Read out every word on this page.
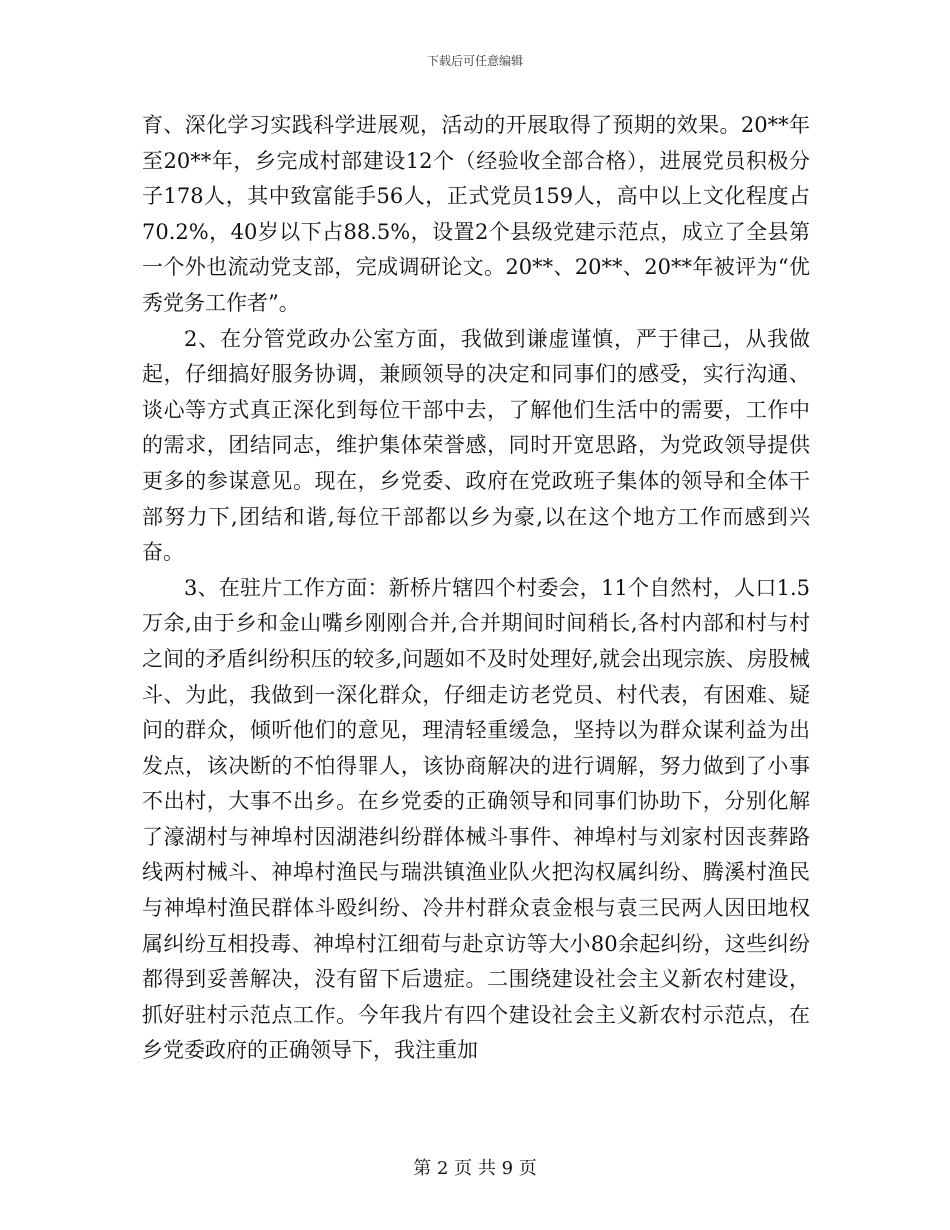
下载后可任意编辑

育、深化学习实践科学进展观，活动的开展取得了预期的效果。20**年至20**年，乡完成村部建设12个（经验收全部合格），进展党员积极分子178人，其中致富能手56人，正式党员159人，高中以上文化程度占70.2%，40岁以下占88.5%，设置2个县级党建示范点，成立了全县第一个外也流动党支部，完成调研论文。20**、20**、20**年被评为“优秀党务工作者”。

2、在分管党政办公室方面，我做到谦虚谨慎，严于律己，从我做起，仔细搞好服务协调，兼顾领导的决定和同事们的感受，实行沟通、谈心等方式真正深化到每位干部中去，了解他们生活中的需要，工作中的需求，团结同志，维护集体荣誉感，同时开宽思路，为党政领导提供更多的参谋意见。现在，乡党委、政府在党政班子集体的领导和全体干部努力下,团结和谐,每位干部都以乡为豪,以在这个地方工作而感到兴奋。

3、在驻片工作方面：新桥片辖四个村委会，11个自然村，人口1.5万余,由于乡和金山嘴乡刚刚合并,合并期间时间稍长,各村内部和村与村之间的矛盾纠纷积压的较多,问题如不及时处理好,就会出现宗族、房股械斗、为此，我做到一深化群众，仔细走访老党员、村代表，有困难、疑问的群众，倾听他们的意见，理清轻重缓急，坚持以为群众谋利益为出发点，该决断的不怕得罪人，该协商解决的进行调解，努力做到了小事不出村，大事不出乡。在乡党委的正确领导和同事们协助下，分别化解了濠湖村与神埠村因湖港纠纷群体械斗事件、神埠村与刘家村因丧葬路线两村械斗、神埠村渔民与瑞洪镇渔业队火把沟权属纠纷、腾溪村渔民与神埠村渔民群体斗殴纠纷、冷井村群众袁金根与袁三民两人因田地权属纠纷互相投毒、神埠村江细荀与赴京访等大小80余起纠纷，这些纠纷都得到妥善解决，没有留下后遗症。二围绕建设社会主义新农村建设，抓好驻村示范点工作。今年我片有四个建设社会主义新农村示范点，在乡党委政府的正确领导下，我注重加

第 2 页 共 9 页
